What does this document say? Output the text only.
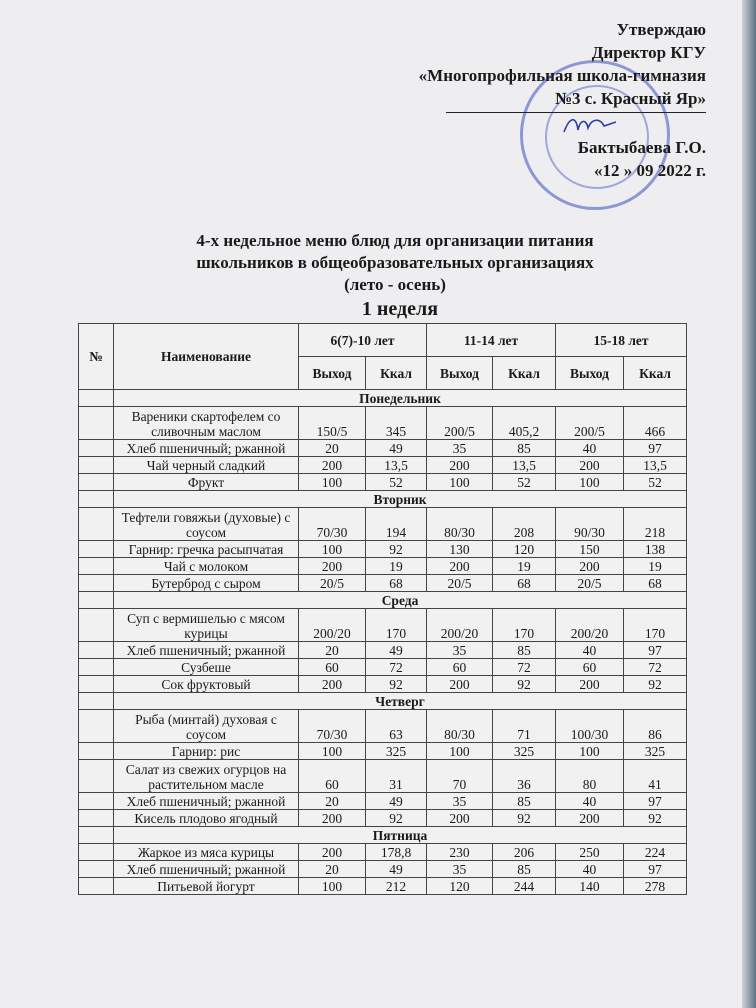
Утверждаю
Директор КГУ
«Многопрофильная школа-гимназия
№3 с. Красный Яр»
Бактыбаева Г.О.
«12 » 09 2022 г.
4-х недельное меню блюд для организации питания
школьников в общеобразовательных организациях
(лето - осень)
1 неделя
№	Наименование	6(7)-10 лет		11-14 лет		15-18 лет	
		Выход	Ккал	Выход	Ккал	Выход	Ккал
	Понедельник						
	Вареники скартофелем со сливочным маслом	150/5	345	200/5	405,2	200/5	466
	Хлеб пшеничный; ржанной	20	49	35	85	40	97
	Чай черный сладкий	200	13,5	200	13,5	200	13,5
	Фрукт	100	52	100	52	100	52
	Вторник						
	Тефтели говяжьи (духовые) с соусом	70/30	194	80/30	208	90/30	218
	Гарнир: гречка расыпчатая	100	92	130	120	150	138
	Чай с молоком	200	19	200	19	200	19
	Бутерброд с сыром	20/5	68	20/5	68	20/5	68
	Среда						
	Суп с вермишелью с мясом курицы	200/20	170	200/20	170	200/20	170
	Хлеб пшеничный; ржанной	20	49	35	85	40	97
	Сузбеше	60	72	60	72	60	72
	Сок фруктовый	200	92	200	92	200	92
	Четверг						
	Рыба (минтай) духовая с соусом	70/30	63	80/30	71	100/30	86
	Гарнир: рис	100	325	100	325	100	325
	Салат из свежих огурцов на растительном масле	60	31	70	36	80	41
	Хлеб пшеничный; ржанной	20	49	35	85	40	97
	Кисель плодово ягодный	200	92	200	92	200	92
	Пятница						
	Жаркое из мяса курицы	200	178,8	230	206	250	224
	Хлеб пшеничный; ржанной	20	49	35	85	40	97
	Питьевой йогурт	100	212	120	244	140	278
